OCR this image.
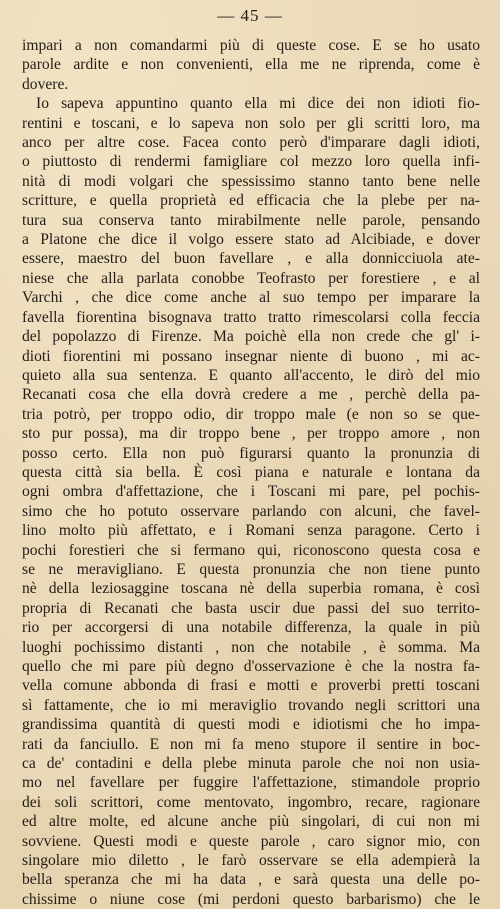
— 45 —
impari a non comandarmi più di queste cose. E se ho usato
parole ardite e non convenienti, ella me ne riprenda, come è
dovere.
Io sapeva appuntino quanto ella mi dice dei non idioti fio-
rentini e toscani, e lo sapeva non solo per gli scritti loro, ma
anco per altre cose. Facea conto però d'imparare dagli idioti,
o piuttosto di rendermi famigliare col mezzo loro quella infi-
nità di modi volgari che spessissimo stanno tanto bene nelle
scritture, e quella proprietà ed efficacia che la plebe per na-
tura sua conserva tanto mirabilmente nelle parole, pensando
a Platone che dice il volgo essere stato ad Alcibiade, e dover
essere, maestro del buon favellare , e alla donnicciuola ate-
niese che alla parlata conobbe Teofrasto per forestiere , e al
Varchi , che dice come anche al suo tempo per imparare la
favella fiorentina bisognava tratto tratto rimescolarsi colla feccia
del popolazzo di Firenze. Ma poichè ella non crede che gl' i-
dioti fiorentini mi possano insegnar niente di buono , mi ac-
quieto alla sua sentenza. E quanto all'accento, le dirò del mio
Recanati cosa che ella dovrà credere a me , perchè della pa-
tria potrò, per troppo odio, dir troppo male (e non so se que-
sto pur possa), ma dir troppo bene , per troppo amore , non
posso certo. Ella non può figurarsi quanto la pronunzia di
questa città sia bella. È così piana e naturale e lontana da
ogni ombra d'affettazione, che i Toscani mi pare, pel pochis-
simo che ho potuto osservare parlando con alcuni, che favel-
lino molto più affettato, e i Romani senza paragone. Certo i
pochi forestieri che si fermano qui, riconoscono questa cosa e
se ne meravigliano. E questa pronunzia che non tiene punto
nè della leziosaggine toscana nè della superbia romana, è così
propria di Recanati che basta uscir due passi del suo territo-
rio per accorgersi di una notabile differenza, la quale in più
luoghi pochissimo distanti , non che notabile , è somma. Ma
quello che mi pare più degno d'osservazione è che la nostra fa-
vella comune abbonda di frasi e motti e proverbi pretti toscani
sì fattamente, che io mi meraviglio trovando negli scrittori una
grandissima quantità di questi modi e idiotismi che ho impa-
rati da fanciullo. E non mi fa meno stupore il sentire in boc-
ca de' contadini e della plebe minuta parole che noi non usia-
mo nel favellare per fuggire l'affettazione, stimandole proprio
dei soli scrittori, come mentovato, ingombro, recare, ragionare
ed altre molte, ed alcune anche più singolari, di cui non mi
sovviene. Questi modi e queste parole , caro signor mio, con
singolare mio diletto , le farò osservare se ella adempierà la
bella speranza che mi ha data , e sarà questa una delle po-
chissime o niune cose (mi perdoni questo barbarismo) che le
